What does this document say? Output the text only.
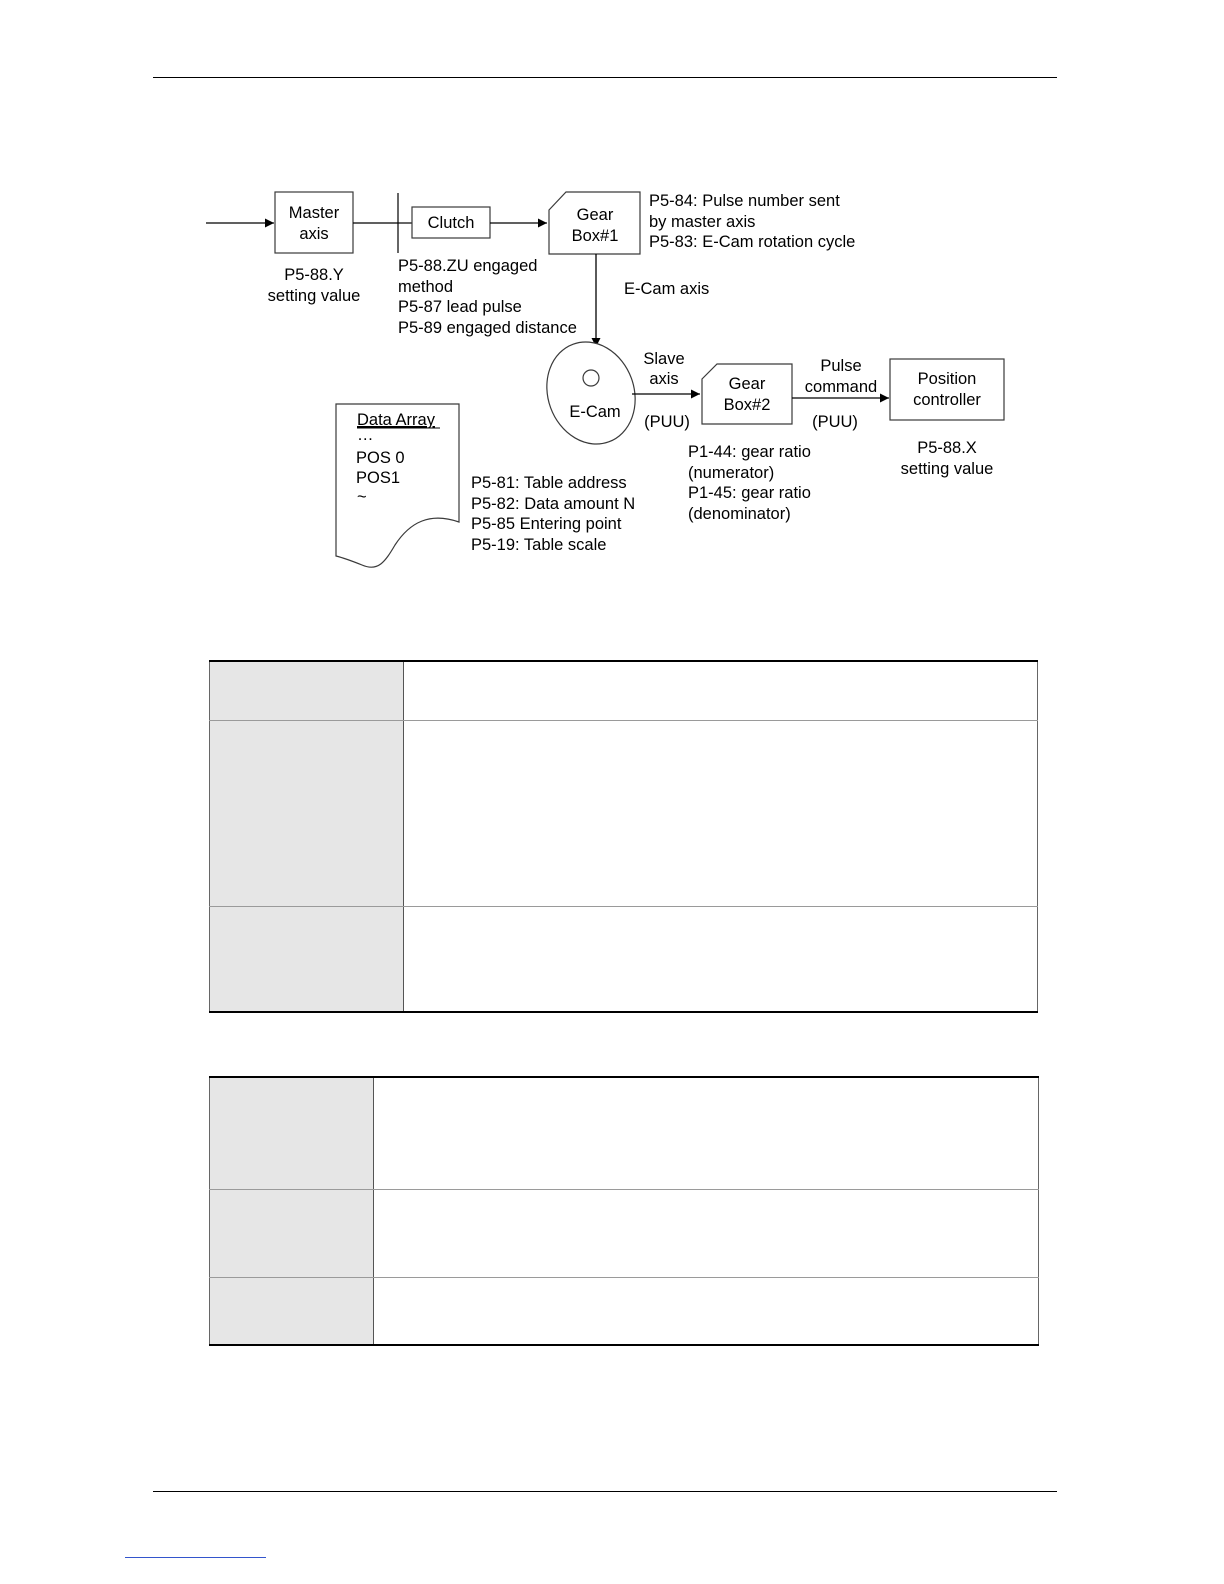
Master
axis
P5-88.Y
setting value
Clutch
P5-88.ZU engaged
method
P5-87 lead pulse
P5-89 engaged distance
Gear
Box#1
P5-84: Pulse number sent
by master axis
P5-83: E-Cam rotation cycle
E-Cam axis
E-Cam
Slave
axis
(PUU)
Gear
Box#2
P1-44: gear ratio
(numerator)
P1-45: gear ratio
(denominator)
Pulse
command
(PUU)
Position
controller
P5-88.X
setting value
Data Array
…
POS 0
POS1
~
P5-81: Table address
P5-82: Data amount N
P5-85 Entering point
P5-19: Table scale
